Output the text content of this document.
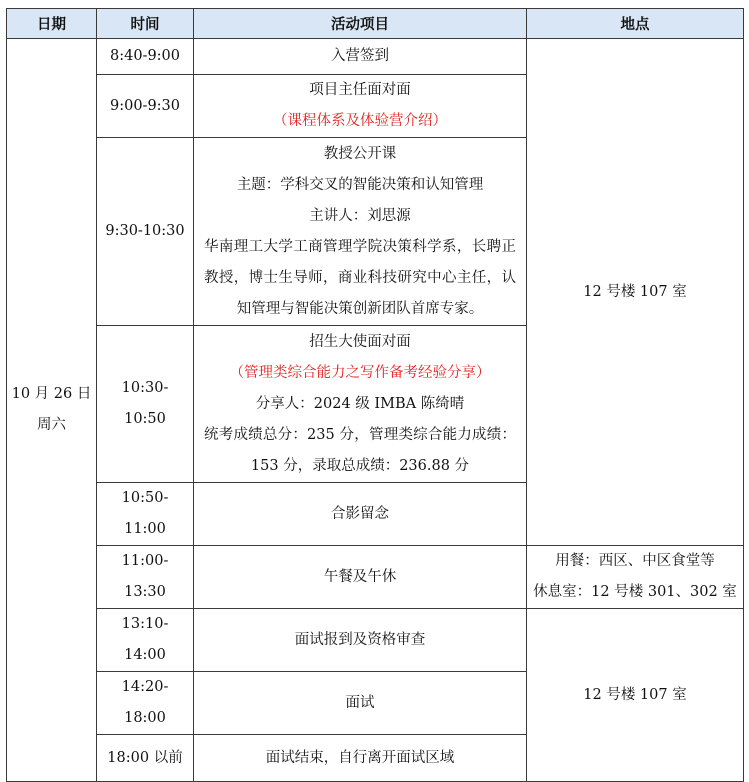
日期	时间	活动项目	地点

10 月 26 日
周六	8:40-9:00	入营签到	12 号楼 107 室
	9:00-9:30	项目主任面对面
（课程体系及体验营介绍）	

	9:30-10:30	教授公开课
主题：学科交叉的智能决策和认知管理
主讲人：刘思源
华南理工大学工商管理学院决策科学系，长聘正教授，博士生导师，商业科技研究中心主任，认知管理与智能决策创新团队首席专家。	

	10:30-10:50	招生大使面对面
（管理类综合能力之写作备考经验分享）
分享人：2024 级 IMBA 陈绮晴
统考成绩总分：235 分，管理类综合能力成绩：153 分，录取总成绩：236.88 分	

	10:50-11:00	合影留念	

	11:00-13:30	午餐及午休	用餐：西区、中区食堂等
休息室：12 号楼 301、302 室

	13:10-14:00	面试报到及资格审查	12 号楼 107 室
	14:20-18:00	面试	

	18:00 以前	面试结束，自行离开面试区域	
